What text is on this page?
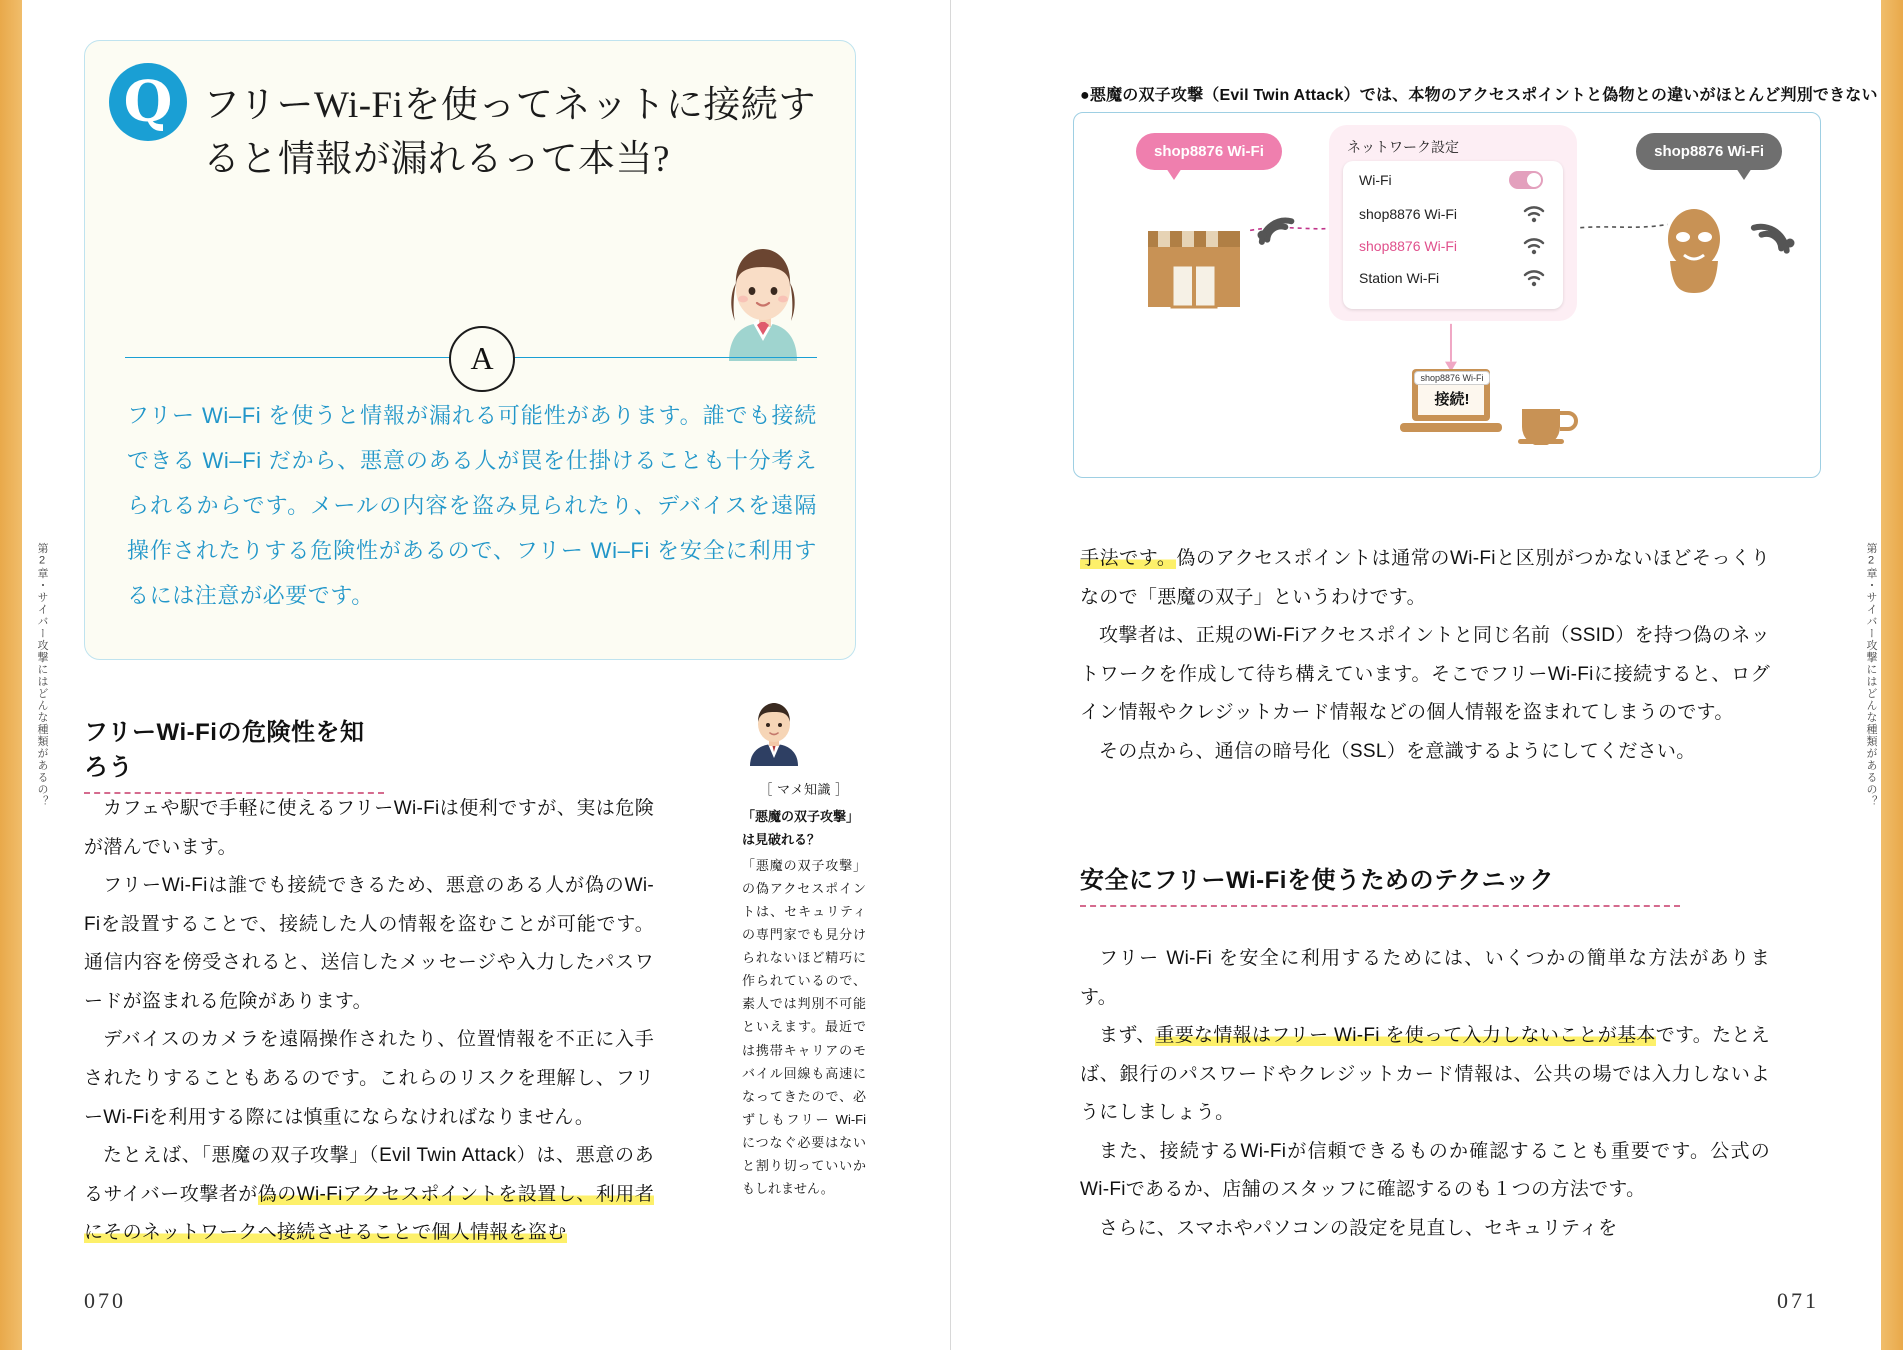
第2章・サイバー攻撃にはどんな種類があるの？
Q フリーWi-Fiを使ってネットに接続すると情報が漏れるって本当?
A
フリー Wi–Fi を使うと情報が漏れる可能性があります。誰でも接続できる Wi–Fi だから、悪意のある人が罠を仕掛けることも十分考えられるからです。メールの内容を盗み見られたり、デバイスを遠隔操作されたりする危険性があるので、フリー Wi–Fi を安全に利用するには注意が必要です。
フリーWi-Fiの危険性を知ろう

カフェや駅で手軽に使えるフリーWi-Fiは便利ですが、実は危険が潜んでいます。

フリーWi-Fiは誰でも接続できるため、悪意のある人が偽のWi-Fiを設置することで、接続した人の情報を盗むことが可能です。通信内容を傍受されると、送信したメッセージや入力したパスワードが盗まれる危険があります。

デバイスのカメラを遠隔操作されたり、位置情報を不正に入手されたりすることもあるのです。これらのリスクを理解し、フリーWi-Fiを利用する際には慎重にならなければなりません。

たとえば、「悪魔の双子攻撃」（Evil Twin Attack）は、悪意のあるサイバー攻撃者が偽のWi-Fiアクセスポイントを設置し、利用者にそのネットワークへ接続させることで個人情報を盗む

［ マメ知識 ］
「悪魔の双子攻撃」は見破れる？
「悪魔の双子攻撃」の偽アクセスポイントは、セキュリティの専門家でも見分けられないほど精巧に作られているので、素人では判別不可能といえます。最近では携帯キャリアのモバイル回線も高速になってきたので、必ずしもフリー Wi-Fiにつなぐ必要はないと割り切っていいかもしれません。
070
第2章・サイバー攻撃にはどんな種類があるの？
●悪魔の双子攻撃（Evil Twin Attack）では、本物のアクセスポイントと偽物との違いがほとんど判別できない
shop8876 Wi-Fi	shop8876 Wi-Fi
ネットワーク設定
Wi-Fi
shop8876 Wi-Fi
shop8876 Wi-Fi
Station Wi-Fi
shop8876 Wi-Fi
接続!

手法です。偽のアクセスポイントは通常のWi-Fiと区別がつかないほどそっくりなので「悪魔の双子」というわけです。

攻撃者は、正規のWi-Fiアクセスポイントと同じ名前（SSID）を持つ偽のネットワークを作成して待ち構えています。そこでフリーWi-Fiに接続すると、ログイン情報やクレジットカード情報などの個人情報を盗まれてしまうのです。

その点から、通信の暗号化（SSL）を意識するようにしてください。

安全にフリーWi-Fiを使うためのテクニック

フリー Wi-Fi を安全に利用するためには、いくつかの簡単な方法があります。

まず、重要な情報はフリー Wi-Fi を使って入力しないことが基本です。たとえば、銀行のパスワードやクレジットカード情報は、公共の場では入力しないようにしましょう。

また、接続するWi-Fiが信頼できるものか確認することも重要です。公式のWi-Fiであるか、店舗のスタッフに確認するのも１つの方法です。

さらに、スマホやパソコンの設定を見直し、セキュリティを

071
